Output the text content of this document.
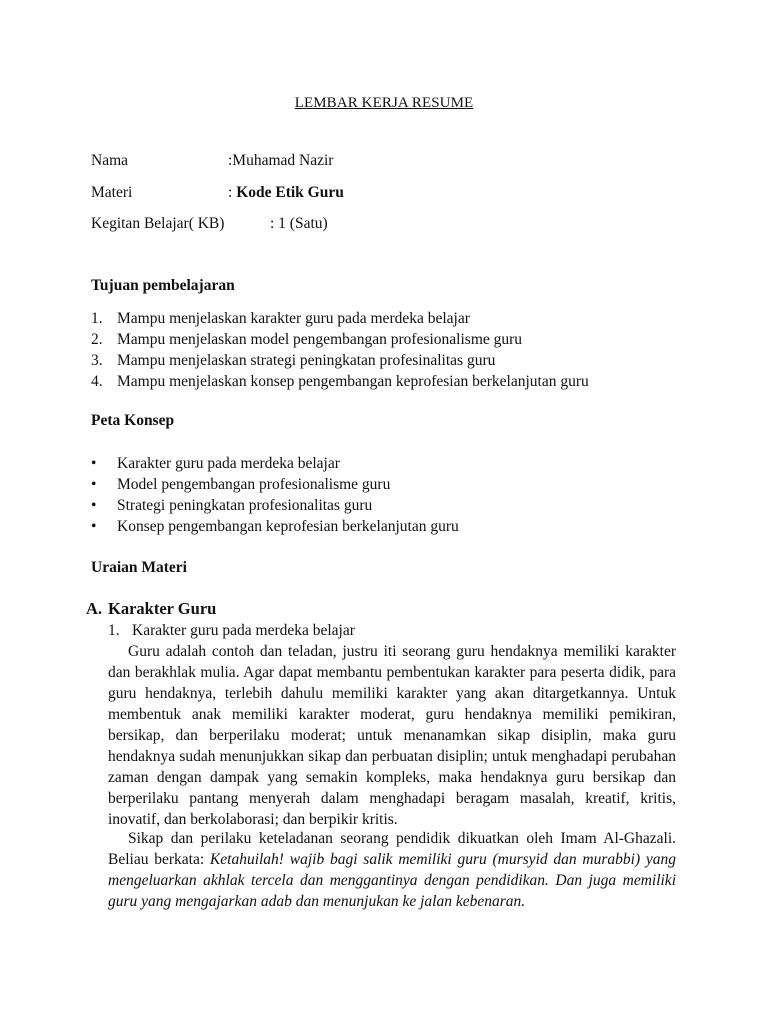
LEMBAR KERJA RESUME
Nama	:Muhamad Nazir
Materi	: Kode Etik Guru
Kegitan Belajar( KB)	: 1 (Satu)
Tujuan pembelajaran
1. Mampu menjelaskan karakter guru pada merdeka belajar
2. Mampu menjelaskan model pengembangan profesionalisme guru
3. Mampu menjelaskan strategi peningkatan profesinalitas guru
4. Mampu menjelaskan konsep pengembangan keprofesian berkelanjutan guru
Peta Konsep
• Karakter guru pada merdeka belajar
• Model pengembangan profesionalisme guru
• Strategi peningkatan profesionalitas guru
• Konsep pengembangan keprofesian berkelanjutan guru
Uraian Materi
A. Karakter Guru
1. Karakter guru pada merdeka belajar

Guru adalah contoh dan teladan, justru iti seorang guru hendaknya memiliki karakter dan berakhlak mulia. Agar dapat membantu pembentukan karakter para peserta didik, para guru hendaknya, terlebih dahulu memiliki karakter yang akan ditargetkannya. Untuk membentuk anak memiliki karakter moderat, guru hendaknya memiliki pemikiran, bersikap, dan berperilaku moderat; untuk menanamkan sikap disiplin, maka guru hendaknya sudah menunjukkan sikap dan perbuatan disiplin; untuk menghadapi perubahan zaman dengan dampak yang semakin kompleks, maka hendaknya guru bersikap dan berperilaku pantang menyerah dalam menghadapi beragam masalah, kreatif, kritis, inovatif, dan berkolaborasi; dan berpikir kritis.

Sikap dan perilaku keteladanan seorang pendidik dikuatkan oleh Imam Al-Ghazali. Beliau berkata: Ketahuilah! wajib bagi salik memiliki guru (mursyid dan murabbi) yang mengeluarkan akhlak tercela dan menggantinya dengan pendidikan. Dan juga memiliki guru yang mengajarkan adab dan menunjukan ke jalan kebenaran.
